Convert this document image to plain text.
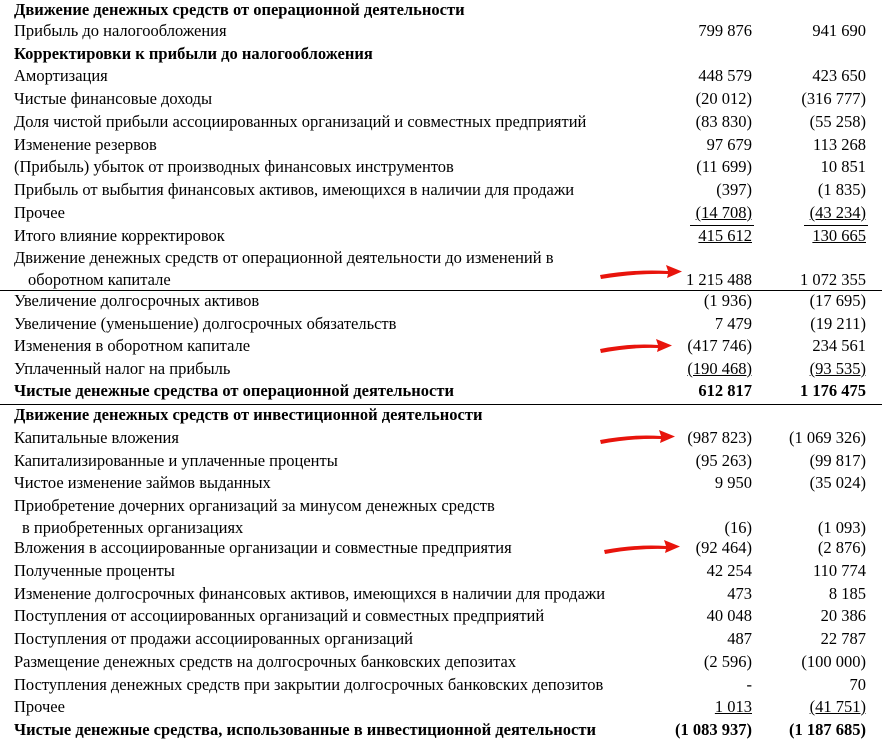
Движение денежных средств от операционной деятельности
Прибыль до налогообложения	799 876	941 690
Корректировки к прибыли до налогообложения
Амортизация	448 579	423 650
Чистые финансовые доходы	(20 012)	(316 777)
Доля чистой прибыли ассоциированных организаций и совместных предприятий	(83 830)	(55 258)
Изменение резервов	97 679	113 268
(Прибыль) убыток от производных финансовых инструментов	(11 699)	10 851
Прибыль от выбытия финансовых активов, имеющихся в наличии для продажи	(397)	(1 835)
Прочее	(14 708)	(43 234)
Итого влияние корректировок	415 612	130 665
Движение денежных средств от операционной деятельности до изменений в
оборотном капитале	1 215 488	1 072 355
Увеличение долгосрочных активов	(1 936)	(17 695)
Увеличение (уменьшение) долгосрочных обязательств	7 479	(19 211)
Изменения в оборотном капитале	(417 746)	234 561
Уплаченный налог на прибыль	(190 468)	(93 535)
Чистые денежные средства от операционной деятельности	612 817	1 176 475
Движение денежных средств от инвестиционной деятельности
Капитальные вложения	(987 823) (1 069 326)
Капитализированные и уплаченные проценты	(95 263)	(99 817)
Чистое изменение займов выданных	9 950	(35 024)
Приобретение дочерних организаций за минусом денежных средств
в приобретенных организациях	(16)	(1 093)
Вложения в ассоциированные организации и совместные предприятия	(92 464)	(2 876)
Полученные проценты	42 254	110 774
Изменение долгосрочных финансовых активов, имеющихся в наличии для продажи	473	8 185
Поступления от ассоциированных организаций и совместных предприятий	40 048	20 386
Поступления от продажи ассоциированных организаций	487	22 787
Размещение денежных средств на долгосрочных банковских депозитах	(2 596)	(100 000)
Поступления денежных средств при закрытии долгосрочных банковских депозитов	-	70
Прочее	1 013	(41 751)
Чистые денежные средства, использованные в инвестиционной деятельности	(1 083 937) (1 187 685)
